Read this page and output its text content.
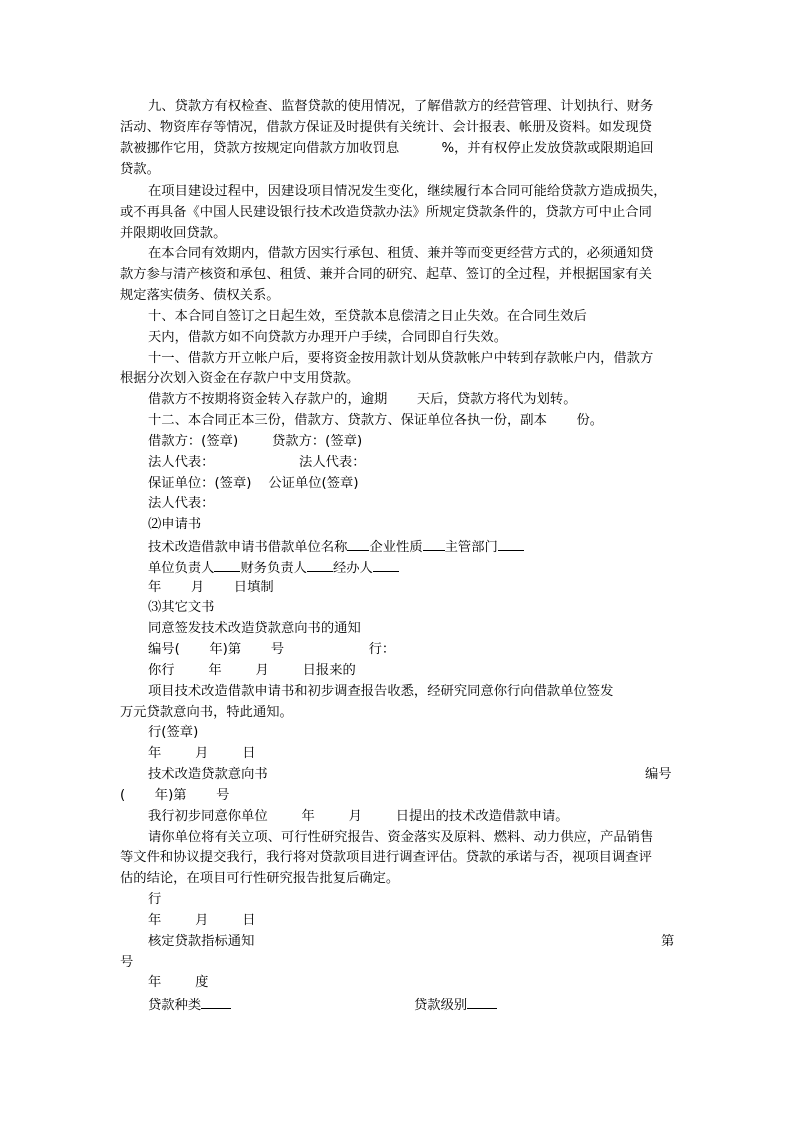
九、贷款方有权检查、监督贷款的使用情况，了解借款方的经营管理、计划执行、财务
活动、物资库存等情况，借款方保证及时提供有关统计、会计报表、帐册及资料。如发现贷
款被挪作它用，贷款方按规定向借款方加收罚息          %，并有权停止发放贷款或限期追回
贷款。
在项目建设过程中，因建设项目情况发生变化，继续履行本合同可能给贷款方造成损失，
或不再具备《中国人民建设银行技术改造贷款办法》所规定贷款条件的，贷款方可中止合同
并限期收回贷款。
在本合同有效期内，借款方因实行承包、租赁、兼并等而变更经营方式的，必须通知贷
款方参与清产核资和承包、租赁、兼并合同的研究、起草、签订的全过程，并根据国家有关
规定落实债务、债权关系。
十、本合同自签订之日起生效，至贷款本息偿清之日止失效。在合同生效后
天内，借款方如不向贷款方办理开户手续，合同即自行失效。
十一、借款方开立帐户后，要将资金按用款计划从贷款帐户中转到存款帐户内，借款方
根据分次划入资金在存款户中支用贷款。
借款方不按期将资金转入存款户的，逾期       天后，贷款方将代为划转。
十二、本合同正本三份，借款方、贷款方、保证单位各执一份，副本       份。
借款方：(签章)        贷款方：(签章)
法人代表：                    法人代表：
保证单位：(签章)    公证单位(签章)
法人代表：
⑵申请书
技术改造借款申请书借款单位名称 企业性质 主管部门
单位负责人 财务负责人 经办人
年       月       日填制
⑶其它文书
同意签发技术改造贷款意向书的通知
编号(       年)第       号                    行：
你行        年        月        日报来的
项目技术改造借款申请书和初步调查报告收悉，经研究同意你行向借款单位签发
万元贷款意向书，特此通知。
行(签章)
年        月        日
技术改造贷款意向书	编号
(       年)第       号
我行初步同意你单位        年        月        日提出的技术改造借款申请。
请你单位将有关立项、可行性研究报告、资金落实及原料、燃料、动力供应，产品销售
等文件和协议提交我行，我行将对贷款项目进行调查评估。贷款的承诺与否，视项目调查评
估的结论，在项目可行性研究报告批复后确定。
行
年        月        日
核定贷款指标通知	第
号
年        度
贷款种类	贷款级别
